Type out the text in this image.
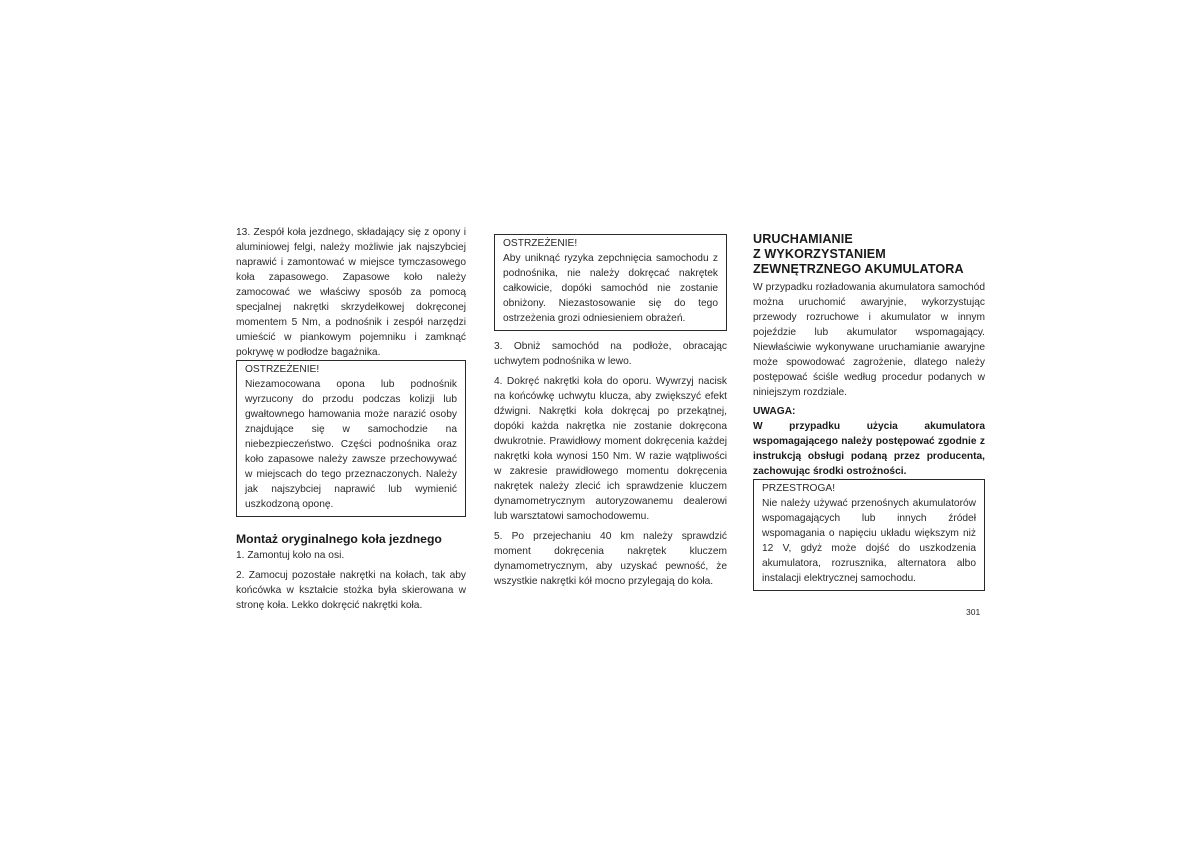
13. Zespół koła jezdnego, składający się z opony i aluminiowej felgi, należy możliwie jak najszybciej naprawić i zamontować w miejsce tymczasowego koła zapasowego. Zapasowe koło należy zamocować we właściwy sposób za pomocą specjalnej nakrętki skrzydełkowej dokręconej momentem 5 Nm, a podnośnik i zespół narzędzi umieścić w piankowym pojemniku i zamknąć pokrywę w podłodze bagażnika.

OSTRZEŻENIE!

Niezamocowana opona lub podnośnik wyrzucony do przodu podczas kolizji lub gwałtownego hamowania może narazić osoby znajdujące się w samochodzie na niebezpieczeństwo. Części podnośnika oraz koło zapasowe należy zawsze przechowywać w miejscach do tego przeznaczonych. Należy jak najszybciej naprawić lub wymienić uszkodzoną oponę.

Montaż oryginalnego koła jezdnego

1. Zamontuj koło na osi.

2. Zamocuj pozostałe nakrętki na kołach, tak aby końcówka w kształcie stożka była skierowana w stronę koła. Lekko dokręcić nakrętki koła.

OSTRZEŻENIE!

Aby uniknąć ryzyka zepchnięcia samochodu z podnośnika, nie należy dokręcać nakrętek całkowicie, dopóki samochód nie zostanie obniżony. Niezastosowanie się do tego ostrzeżenia grozi odniesieniem obrażeń.

3. Obniż samochód na podłoże, obracając uchwytem podnośnika w lewo.

4. Dokręć nakrętki koła do oporu. Wywrzyj nacisk na końcówkę uchwytu klucza, aby zwiększyć efekt dźwigni. Nakrętki koła dokręcaj po przekątnej, dopóki każda nakrętka nie zostanie dokręcona dwukrotnie. Prawidłowy moment dokręcenia każdej nakrętki koła wynosi 150 Nm. W razie wątpliwości w zakresie prawidłowego momentu dokręcenia nakrętek należy zlecić ich sprawdzenie kluczem dynamometrycznym autoryzowanemu dealerowi lub warsztatowi samochodowemu.

5. Po przejechaniu 40 km należy sprawdzić moment dokręcenia nakrętek kluczem dynamometrycznym, aby uzyskać pewność, że wszystkie nakrętki kół mocno przylegają do koła.

URUCHAMIANIE
Z WYKORZYSTANIEM
ZEWNĘTRZNEGO AKUMULATORA

W przypadku rozładowania akumulatora samochód można uruchomić awaryjnie, wykorzystując przewody rozruchowe i akumulator w innym pojeździe lub akumulator wspomagający. Niewłaściwie wykonywane uruchamianie awaryjne może spowodować zagrożenie, dlatego należy postępować ściśle według procedur podanych w niniejszym rozdziale.

UWAGA:

W przypadku użycia akumulatora wspomagającego należy postępować zgodnie z instrukcją obsługi podaną przez producenta, zachowując środki ostrożności.

PRZESTROGA!

Nie należy używać przenośnych akumulatorów wspomagających lub innych źródeł wspomagania o napięciu układu większym niż 12 V, gdyż może dojść do uszkodzenia akumulatora, rozrusznika, alternatora albo instalacji elektrycznej samochodu.

301
